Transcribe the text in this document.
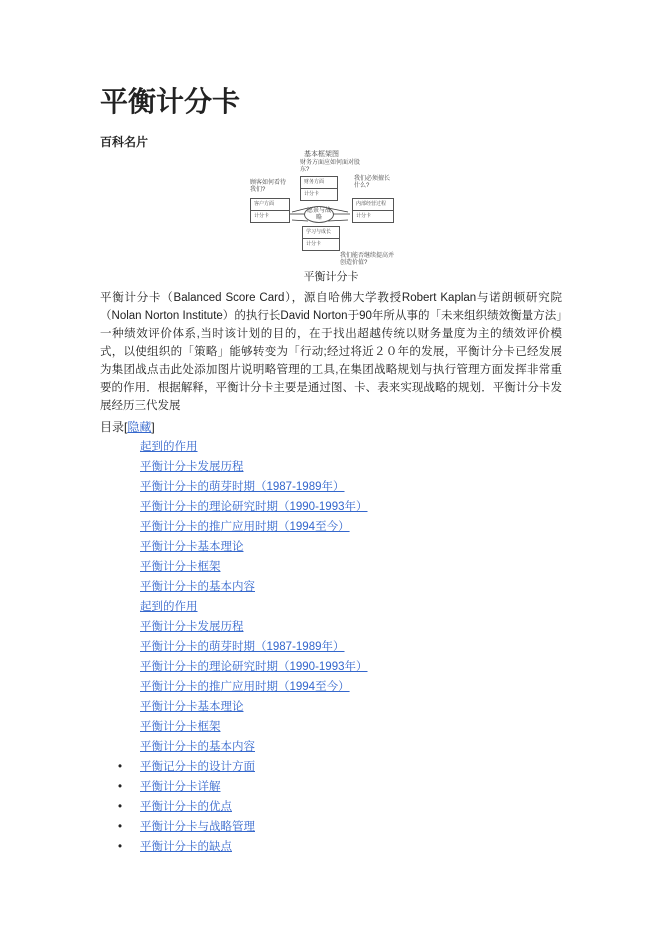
平衡计分卡
百科名片
基本框架图
财务方面应如何面对股东?
顾客如何看待我们?
我们必须擅长什么?
我们能否继续提高并创造价值?
财务方面
计分卡
客户方面
计分卡
内部经营过程
计分卡
学习与成长
计分卡
愿景与战略
平衡计分卡
平衡计分卡（Balanced Score Card），源自哈佛大学教授Robert Kaplan与诺朗顿研究院（Nolan Norton Institute）的执行长David Norton于90年所从事的「未来组织绩效衡量方法」一种绩效评价体系,当时该计划的目的，在于找出超越传统以财务量度为主的绩效评价模式，以使组织的「策略」能够转变为「行动;经过将近２０年的发展，平衡计分卡已经发展为集团战点击此处添加图片说明略管理的工具,在集团战略规划与执行管理方面发挥非常重要的作用．根据解释，平衡计分卡主要是通过图、卡、表来实现战略的规划．平衡计分卡发展经历三代发展
目录[隐藏]
起到的作用
平衡计分卡发展历程
平衡计分卡的萌芽时期（1987-1989年）
平衡计分卡的理论研究时期（1990-1993年）
平衡计分卡的推广应用时期（1994至今）
平衡计分卡基本理论
平衡计分卡框架
平衡计分卡的基本内容
起到的作用
平衡计分卡发展历程
平衡计分卡的萌芽时期（1987-1989年）
平衡计分卡的理论研究时期（1990-1993年）
平衡计分卡的推广应用时期（1994至今）
平衡计分卡基本理论
平衡计分卡框架
平衡计分卡的基本内容
• 平衡记分卡的设计方面
• 平衡计分卡详解
• 平衡计分卡的优点
• 平衡计分卡与战略管理
• 平衡计分卡的缺点
